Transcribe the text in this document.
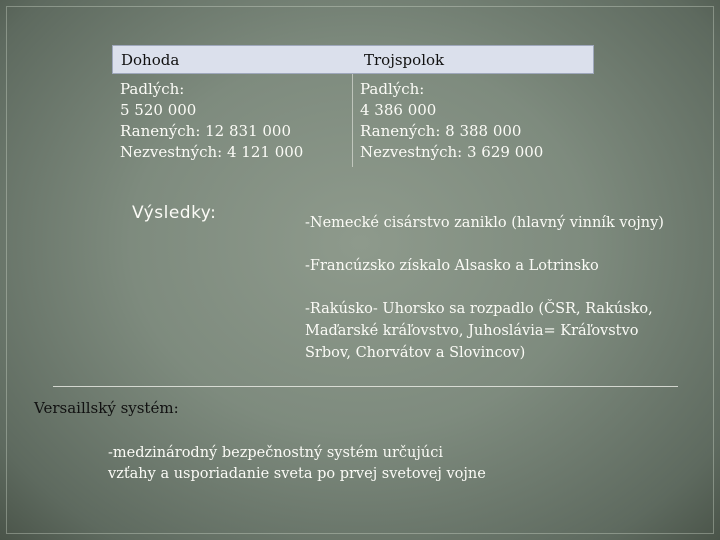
Dohoda	Trojspolok
Padlých:
5 520 000
Ranených: 12 831 000
Nezvestných: 4 121 000
Padlých:
4 386 000
Ranených: 8 388 000
Nezvestných: 3 629 000
Výsledky:	-Nemecké cisárstvo zaniklo (hlavný vinník vojny)

-Francúzsko získalo Alsasko a Lotrinsko

-Rakúsko- Uhorsko sa rozpadlo (ČSR, Rakúsko, Maďarské kráľovstvo, Juhoslávia= Kráľovstvo Srbov, Chorvátov a Slovincov)

Versaillský systém:
-medzinárodný bezpečnostný systém určujúci vzťahy a usporiadanie sveta po prvej svetovej vojne
